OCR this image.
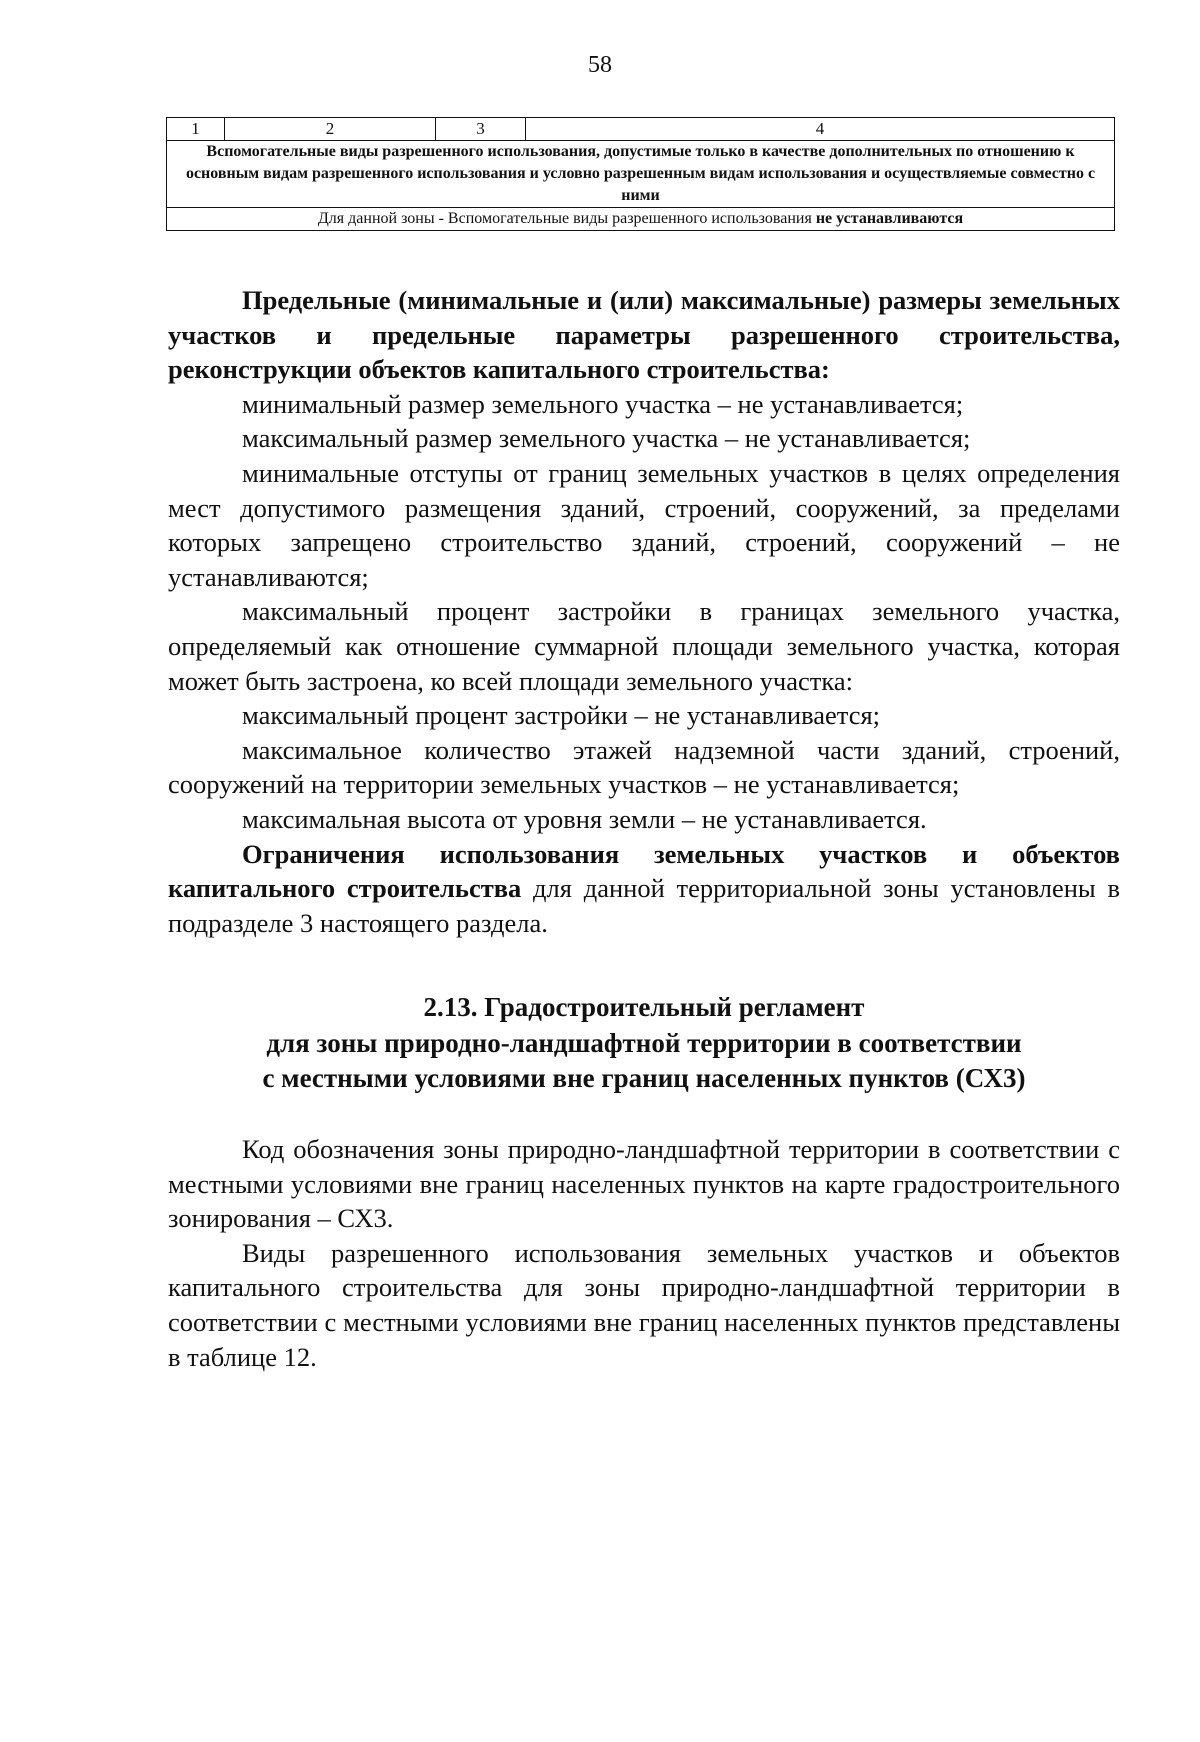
58
1	2	3	4
Вспомогательные виды разрешенного использования, допустимые только в качестве дополнительных по отношению к основным видам разрешенного использования и условно разрешенным видам использования и осуществляемые совместно с ними
Для данной зоны - Вспомогательные виды разрешенного использования не устанавливаются

Предельные (минимальные и (или) максимальные) размеры земельных участков и предельные параметры разрешенного строительства, реконструкции объектов капитального строительства:

минимальный размер земельного участка – не устанавливается;

максимальный размер земельного участка – не устанавливается;

минимальные отступы от границ земельных участков в целях определения мест допустимого размещения зданий, строений, сооружений, за пределами которых запрещено строительство зданий, строений, сооружений – не устанавливаются;

максимальный процент застройки в границах земельного участка, определяемый как отношение суммарной площади земельного участка, которая может быть застроена, ко всей площади земельного участка:

максимальный процент застройки – не устанавливается;

максимальное количество этажей надземной части зданий, строений, сооружений на территории земельных участков – не устанавливается;

максимальная высота от уровня земли – не устанавливается.

Ограничения использования земельных участков и объектов капитального строительства для данной территориальной зоны установлены в подразделе 3 настоящего раздела.

2.13. Градостроительный регламент
для зоны природно-ландшафтной территории в соответствии
с местными условиями вне границ населенных пунктов (СХ3)

Код обозначения зоны природно-ландшафтной территории в соответствии с местными условиями вне границ населенных пунктов на карте градостроительного зонирования – СХ3.

Виды разрешенного использования земельных участков и объектов капитального строительства для зоны природно-ландшафтной территории в соответствии с местными условиями вне границ населенных пунктов представлены в таблице 12.
